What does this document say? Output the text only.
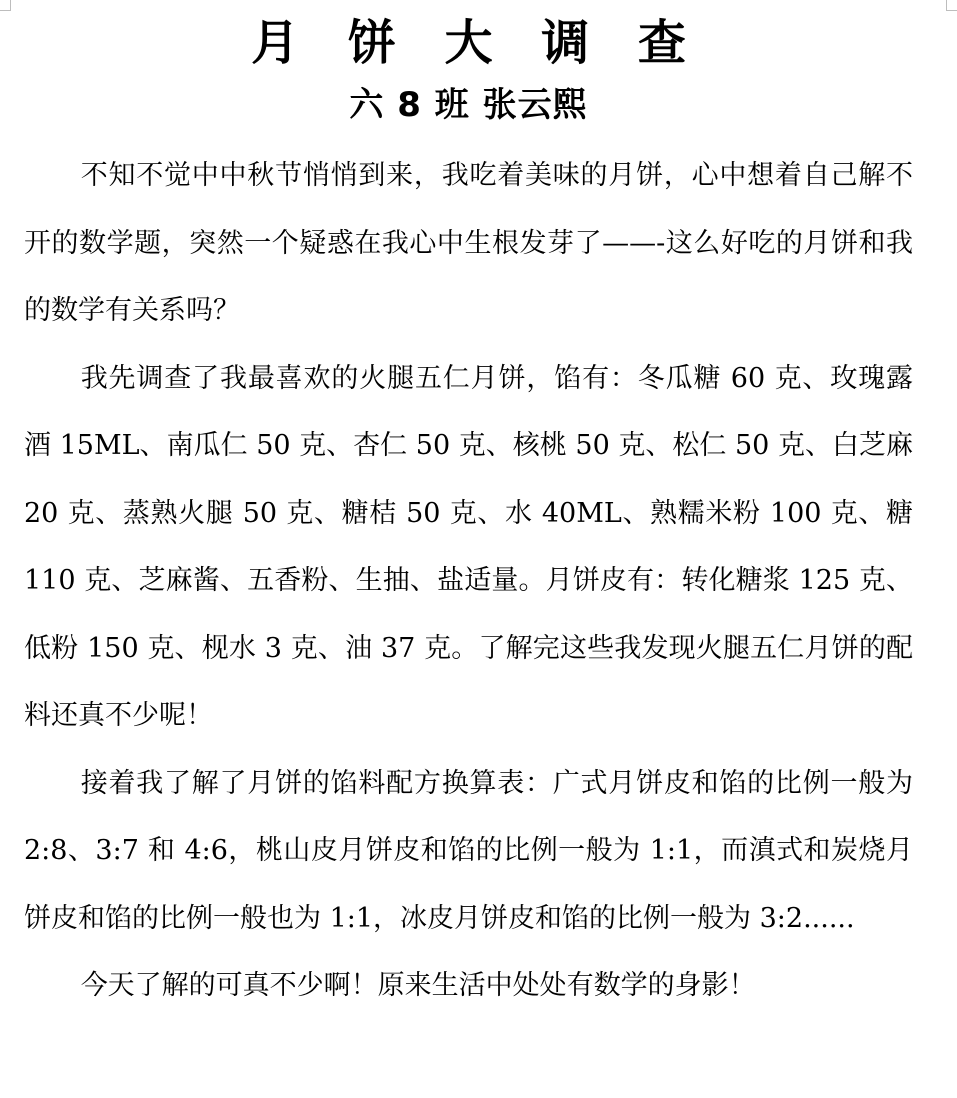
月 饼 大 调 查
六 8 班 张云熙

不知不觉中中秋节悄悄到来，我吃着美味的月饼，心中想着自己解不开的数学题，突然一个疑惑在我心中生根发芽了——-这么好吃的月饼和我的数学有关系吗？

我先调查了我最喜欢的火腿五仁月饼，馅有：冬瓜糖 60 克、玫瑰露酒 15ML、南瓜仁 50 克、杏仁 50 克、核桃 50 克、松仁 50 克、白芝麻 20 克、蒸熟火腿 50 克、糖桔 50 克、水 40ML、熟糯米粉 100 克、糖 110 克、芝麻酱、五香粉、生抽、盐适量。月饼皮有：转化糖浆 125 克、低粉 150 克、枧水 3 克、油 37 克。了解完这些我发现火腿五仁月饼的配料还真不少呢！

接着我了解了月饼的馅料配方换算表：广式月饼皮和馅的比例一般为 2:8、3:7 和 4:6，桃山皮月饼皮和馅的比例一般为 1:1，而滇式和炭烧月饼皮和馅的比例一般也为 1:1，冰皮月饼皮和馅的比例一般为 3:2......

今天了解的可真不少啊！原来生活中处处有数学的身影！
